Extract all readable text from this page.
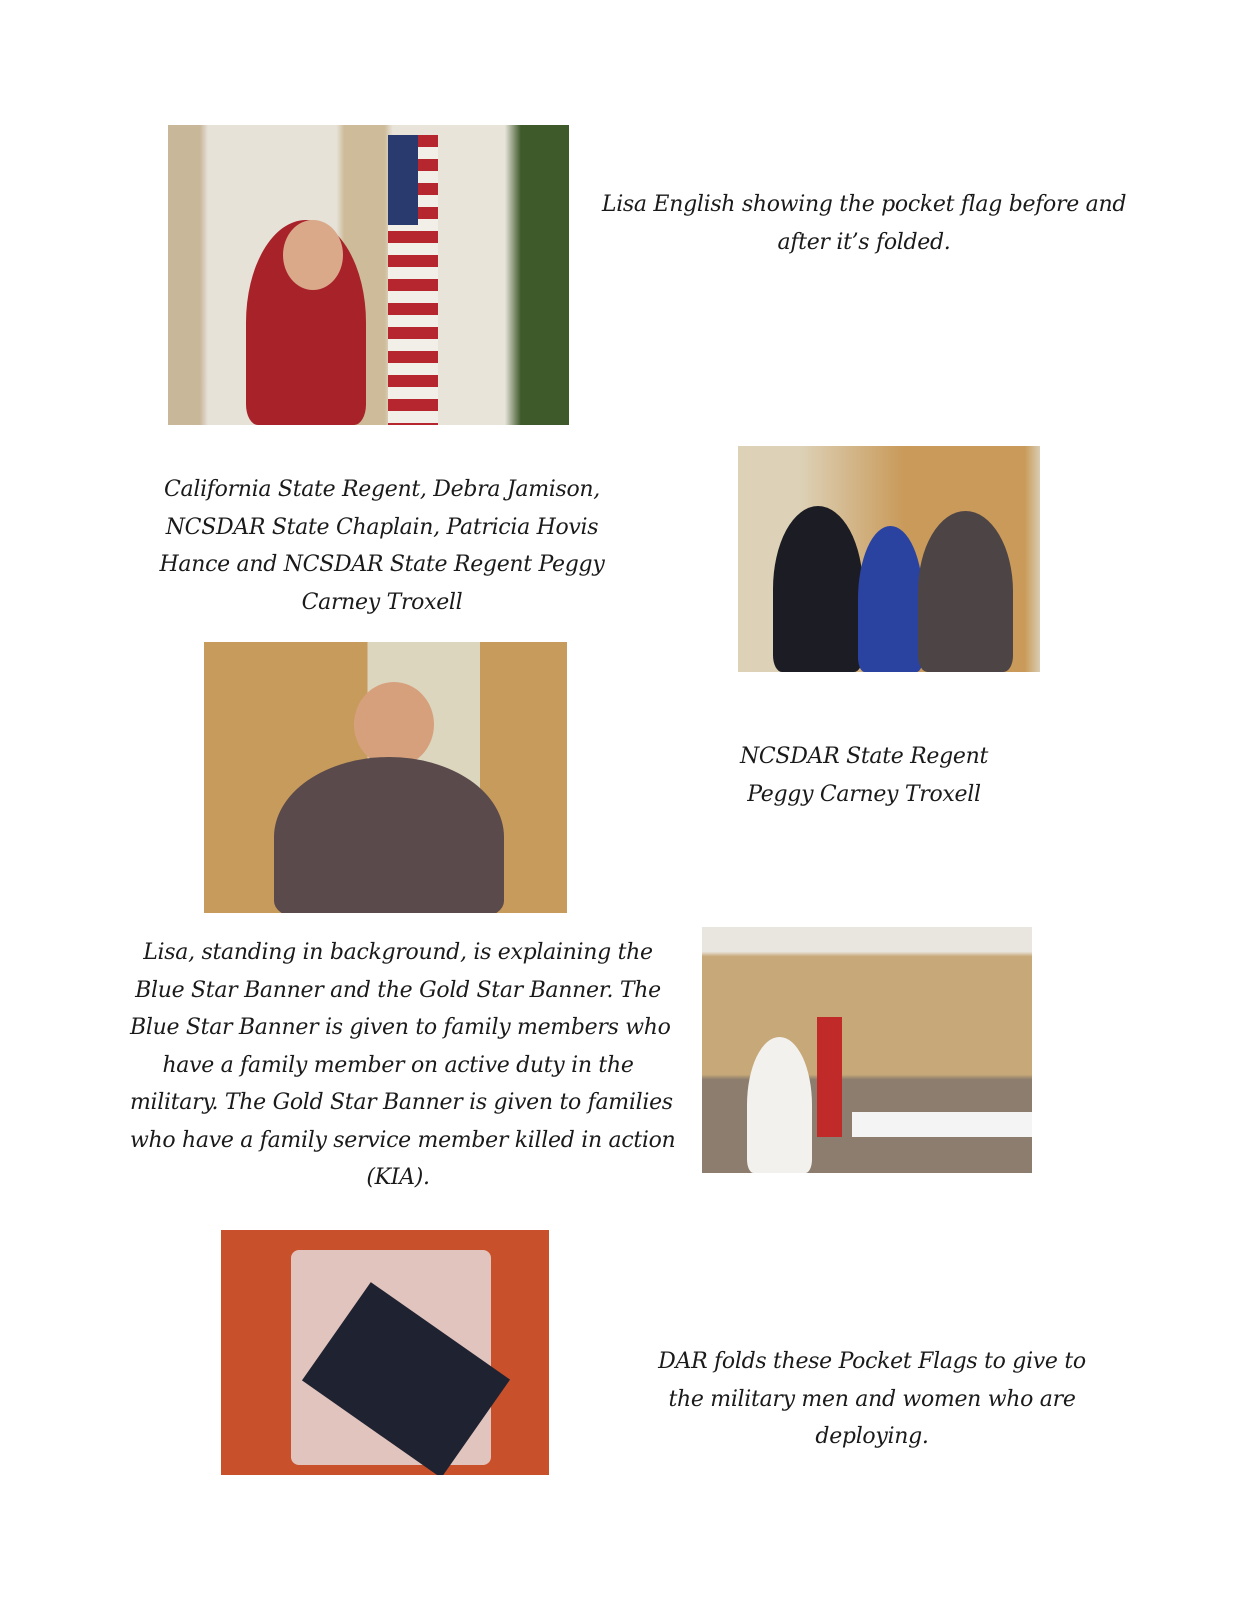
Lisa English showing the pocket flag before and
after it’s folded.
California State Regent, Debra Jamison,
NCSDAR State Chaplain, Patricia Hovis
Hance and NCSDAR State Regent Peggy
Carney Troxell
NCSDAR State Regent
Peggy Carney Troxell
Lisa, standing in background, is explaining the
Blue Star Banner and the Gold Star Banner. The
Blue Star Banner is given to family members who
have a family member on active duty in the
military. The Gold Star Banner is given to families
who have a family service member killed in action
(KIA).
DAR folds these Pocket Flags to give to
the military men and women who are
deploying.
